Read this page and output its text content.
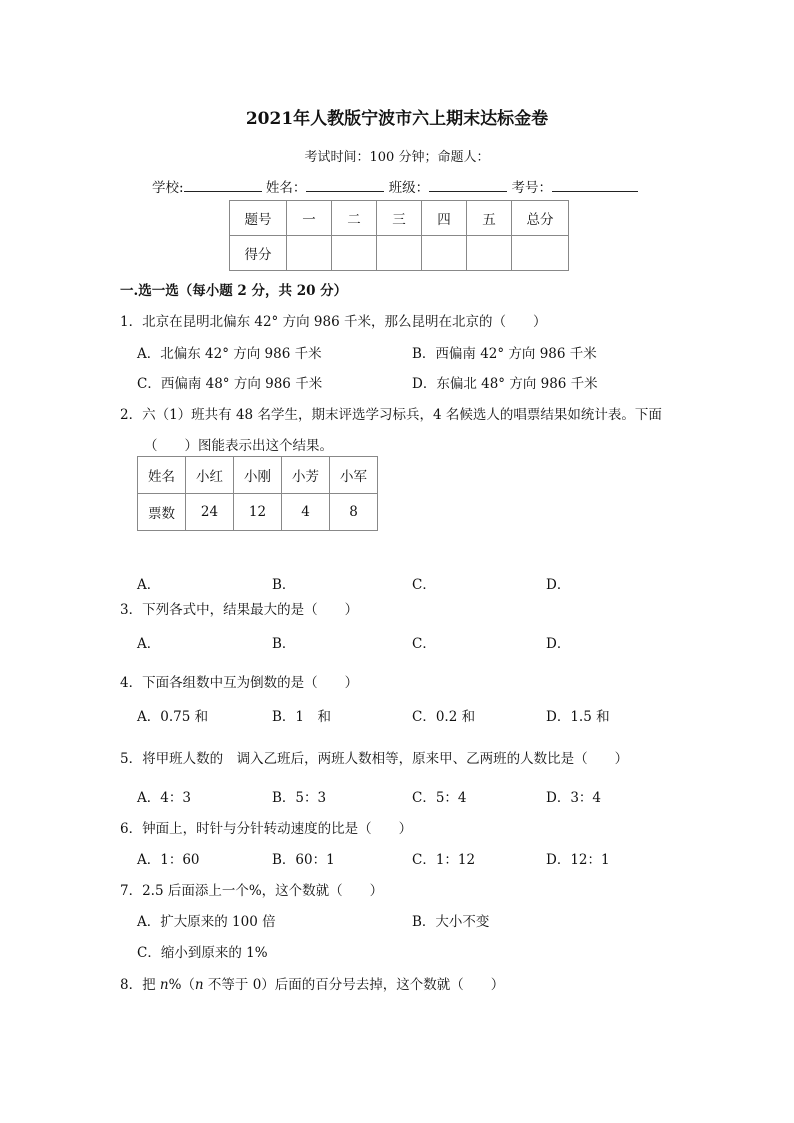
2021年人教版宁波市六上期末达标金卷
考试时间：100 分钟；命题人：
学校:	姓名：	班级：	考号：
题号	一	二	三	四	五	总分
得分						
一.选一选（每小题 2 分，共 20 分）
1．北京在昆明北偏东 42° 方向 986 千米，那么昆明在北京的（　　）
A．北偏东 42° 方向 986 千米	B．西偏南 42° 方向 986 千米
C．西偏南 48° 方向 986 千米	D．东偏北 48° 方向 986 千米
2．六（1）班共有 48 名学生，期末评选学习标兵，4 名候选人的唱票结果如统计表。下面
（　　）图能表示出这个结果。
姓名	小红	小刚	小芳	小军
票数	24	12	4	8
A．	B．	C．	D．
3．下列各式中，结果最大的是（　　）
A．	B．	C．	D．
4．下面各组数中互为倒数的是（　　）
A．0.75 和	B．1　和	C．0.2 和	D．1.5 和
5．将甲班人数的　调入乙班后，两班人数相等，原来甲、乙两班的人数比是（　　）
A．4：3	B．5：3	C．5：4	D．3：4
6．钟面上，时针与分针转动速度的比是（　　）
A．1：60	B．60：1	C．1：12	D．12：1
7．2.5 后面添上一个%，这个数就（　　）
A．扩大原来的 100 倍	B．大小不变
C．缩小到原来的 1%
8．把 n%（n 不等于 0）后面的百分号去掉，这个数就（　　）
